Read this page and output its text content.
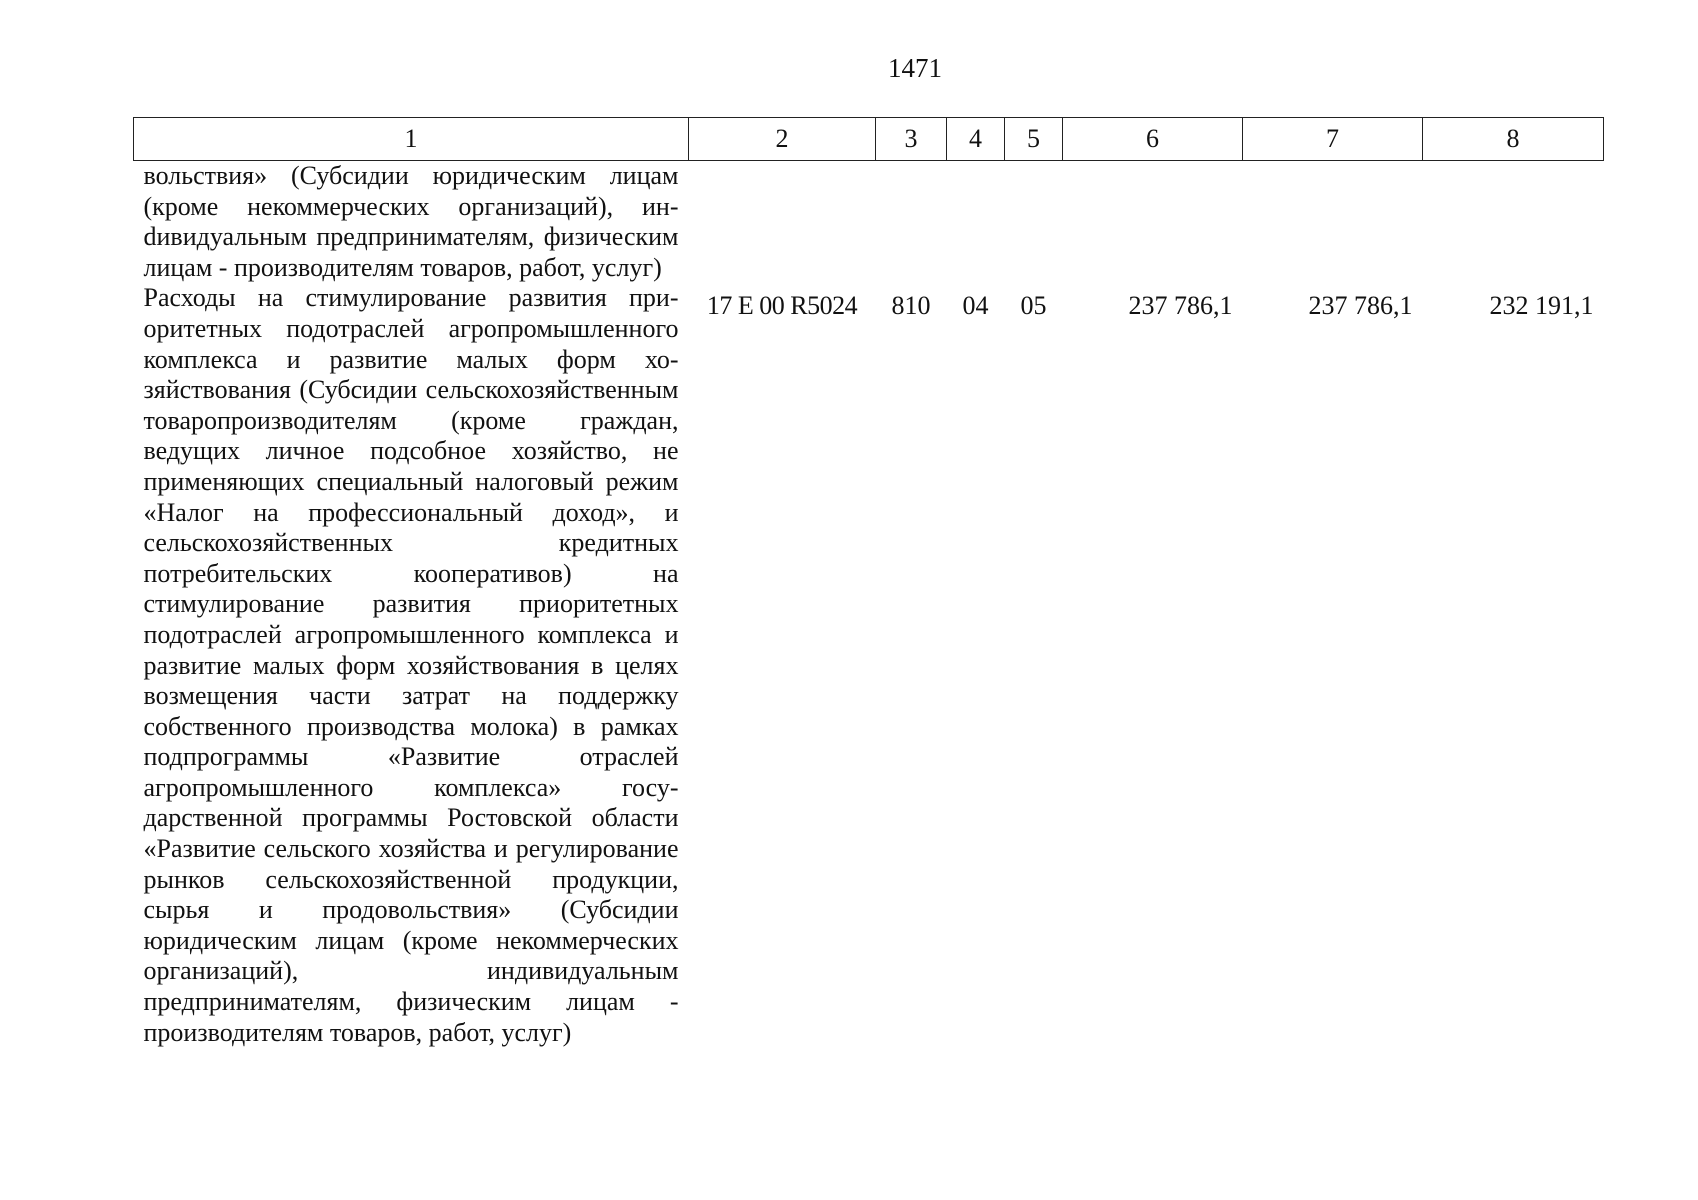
1471
1	2	3	4	5	6	7	8
вольствия» (Субсидии юридическим лицам (кроме некоммерческих организаций), инdивидуальным предпринимателям, физическим лицам - производителям товаров, работ, услуг)							
Расходы на стимулирование развития приоритетных подотраслей агропромышленного комплекса и развитие малых форм хозяйствования (Субсидии сельскохозяйственным товаропроизводителям (кроме граждан, ведущих личное подсобное хозяйство, не применяющих специальный налоговый режим «Налог на профессиональный доход», и сельскохозяйственных кредитных потребительских кооперативов) на стимулирование развития приоритетных подотраслей агропромышленного комплекса и развитие малых форм хозяйствования в целях возмещения части затрат на поддержку собственного производства молока) в рамках подпрограммы «Развитие отраслей агропромышленного комплекса» государственной программы Ростовской области «Развитие сельского хозяйства и регулирование рынков сельскохозяйственной продукции, сырья и продовольствия» (Субсидии юридическим лицам (кроме некоммерческих организаций), индивидуальным предпринимателям, физическим лицам - производителям товаров, работ, услуг)	17 Е 00 R5024	810	04	05	237 786,1	237 786,1	232 191,1
